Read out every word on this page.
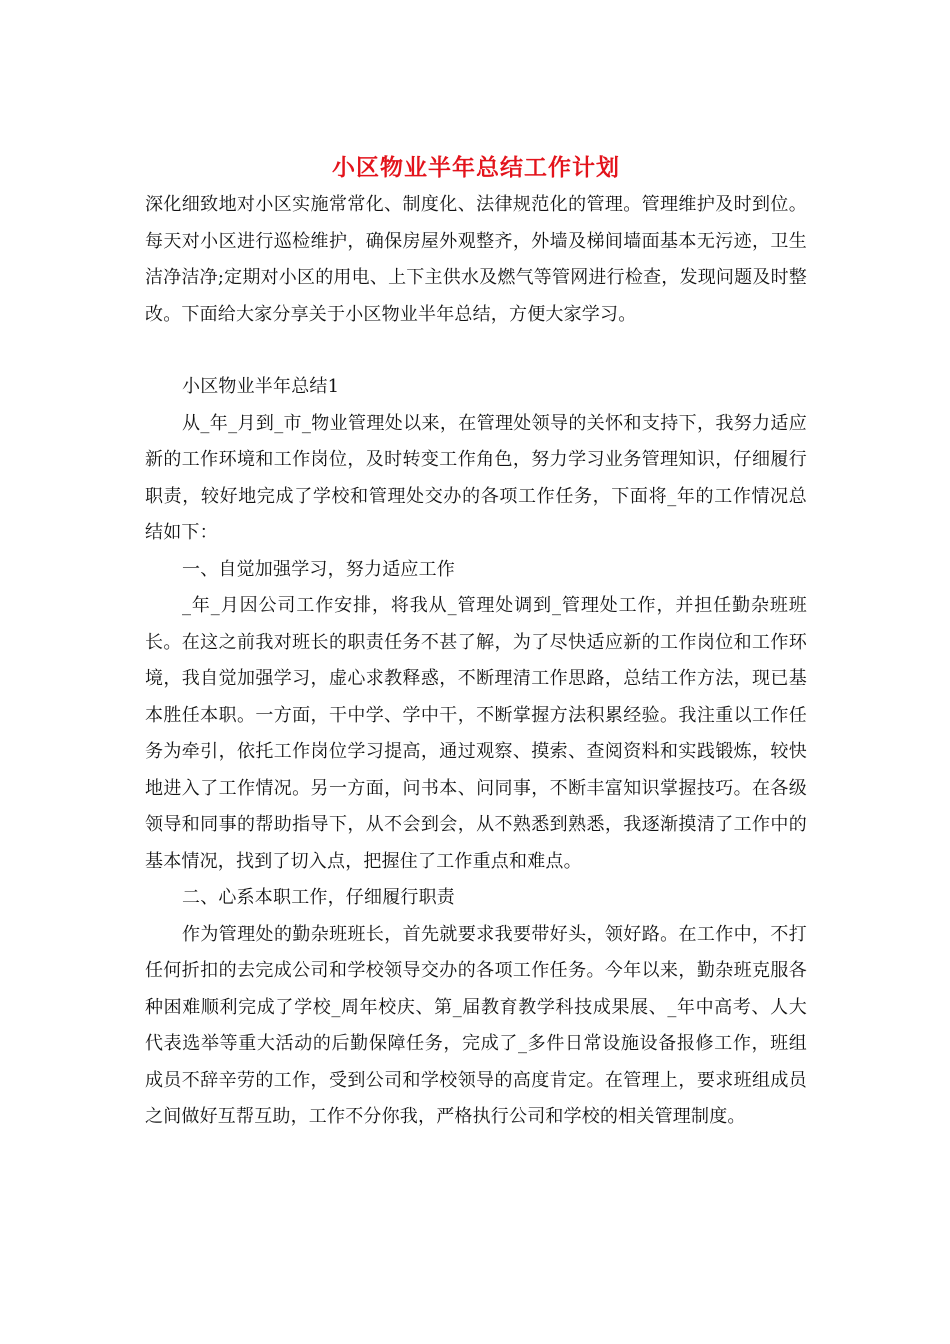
小区物业半年总结工作计划

深化细致地对小区实施常常化、制度化、法律规范化的管理。管理维护及时到位。每天对小区进行巡检维护，确保房屋外观整齐，外墙及梯间墙面基本无污迹，卫生洁净洁净;定期对小区的用电、上下主供水及燃气等管网进行检查，发现问题及时整改。下面给大家分享关于小区物业半年总结，方便大家学习。

小区物业半年总结1

从_年_月到_市_物业管理处以来，在管理处领导的关怀和支持下，我努力适应新的工作环境和工作岗位，及时转变工作角色，努力学习业务管理知识，仔细履行职责，较好地完成了学校和管理处交办的各项工作任务，下面将_年的工作情况总结如下：

一、自觉加强学习，努力适应工作

_年_月因公司工作安排，将我从_管理处调到_管理处工作，并担任勤杂班班长。在这之前我对班长的职责任务不甚了解，为了尽快适应新的工作岗位和工作环境，我自觉加强学习，虚心求教释惑，不断理清工作思路，总结工作方法，现已基本胜任本职。一方面，干中学、学中干，不断掌握方法积累经验。我注重以工作任务为牵引，依托工作岗位学习提高，通过观察、摸索、查阅资料和实践锻炼，较快地进入了工作情况。另一方面，问书本、问同事，不断丰富知识掌握技巧。在各级领导和同事的帮助指导下，从不会到会，从不熟悉到熟悉，我逐渐摸清了工作中的基本情况，找到了切入点，把握住了工作重点和难点。

二、心系本职工作，仔细履行职责

作为管理处的勤杂班班长，首先就要求我要带好头，领好路。在工作中，不打任何折扣的去完成公司和学校领导交办的各项工作任务。今年以来，勤杂班克服各种困难顺利完成了学校_周年校庆、第_届教育教学科技成果展、_年中高考、人大代表选举等重大活动的后勤保障任务，完成了_多件日常设施设备报修工作，班组成员不辞辛劳的工作，受到公司和学校领导的高度肯定。在管理上，要求班组成员之间做好互帮互助，工作不分你我，严格执行公司和学校的相关管理制度。
